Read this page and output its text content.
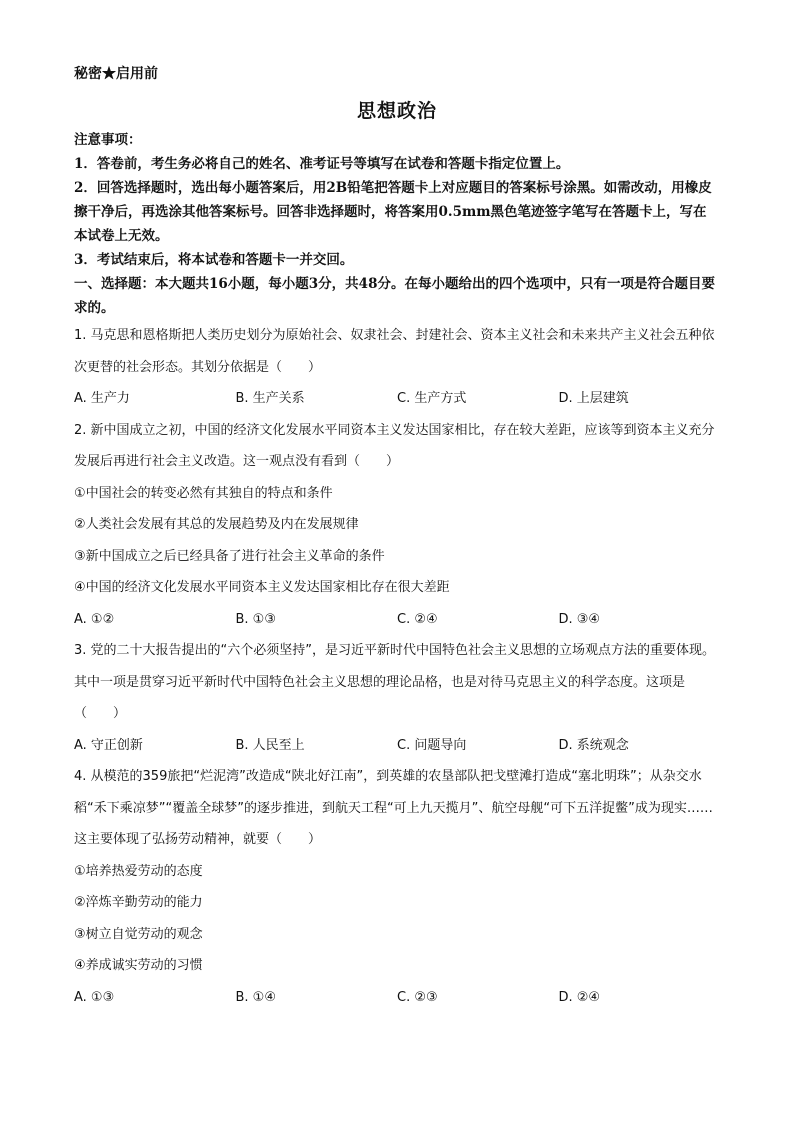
秘密★启用前
思想政治

注意事项：

1．答卷前，考生务必将自己的姓名、准考证号等填写在试卷和答题卡指定位置上。

2．回答选择题时，选出每小题答案后，用2B铅笔把答题卡上对应题目的答案标号涂黑。如需改动，用橡皮擦干净后，再选涂其他答案标号。回答非选择题时，将答案用0.5mm黑色笔迹签字笔写在答题卡上，写在本试卷上无效。

3．考试结束后，将本试卷和答题卡一并交回。

一、选择题：本大题共16小题，每小题3分，共48分。在每小题给出的四个选项中，只有一项是符合题目要求的。

1. 马克思和恩格斯把人类历史划分为原始社会、奴隶社会、封建社会、资本主义社会和未来共产主义社会五种依次更替的社会形态。其划分依据是（　　）

A. 生产力	B. 生产关系	C. 生产方式	D. 上层建筑

2. 新中国成立之初，中国的经济文化发展水平同资本主义发达国家相比，存在较大差距，应该等到资本主义充分发展后再进行社会主义改造。这一观点没有看到（　　）

①中国社会的转变必然有其独自的特点和条件

②人类社会发展有其总的发展趋势及内在发展规律

③新中国成立之后已经具备了进行社会主义革命的条件

④中国的经济文化发展水平同资本主义发达国家相比存在很大差距

A. ①②	B. ①③	C. ②④	D. ③④

3. 党的二十大报告提出的“六个必须坚持”，是习近平新时代中国特色社会主义思想的立场观点方法的重要体现。其中一项是贯穿习近平新时代中国特色社会主义思想的理论品格，也是对待马克思主义的科学态度。这项是（　　）

A. 守正创新	B. 人民至上	C. 问题导向	D. 系统观念

4. 从模范的359旅把“烂泥湾”改造成“陕北好江南”，到英雄的农垦部队把戈壁滩打造成“塞北明珠”；从杂交水稻“禾下乘凉梦”“覆盖全球梦”的逐步推进，到航天工程“可上九天揽月”、航空母舰“可下五洋捉鳖”成为现实……这主要体现了弘扬劳动精神，就要（　　）

①培养热爱劳动的态度

②淬炼辛勤劳动的能力

③树立自觉劳动的观念

④养成诚实劳动的习惯

A. ①③	B. ①④	C. ②③	D. ②④
